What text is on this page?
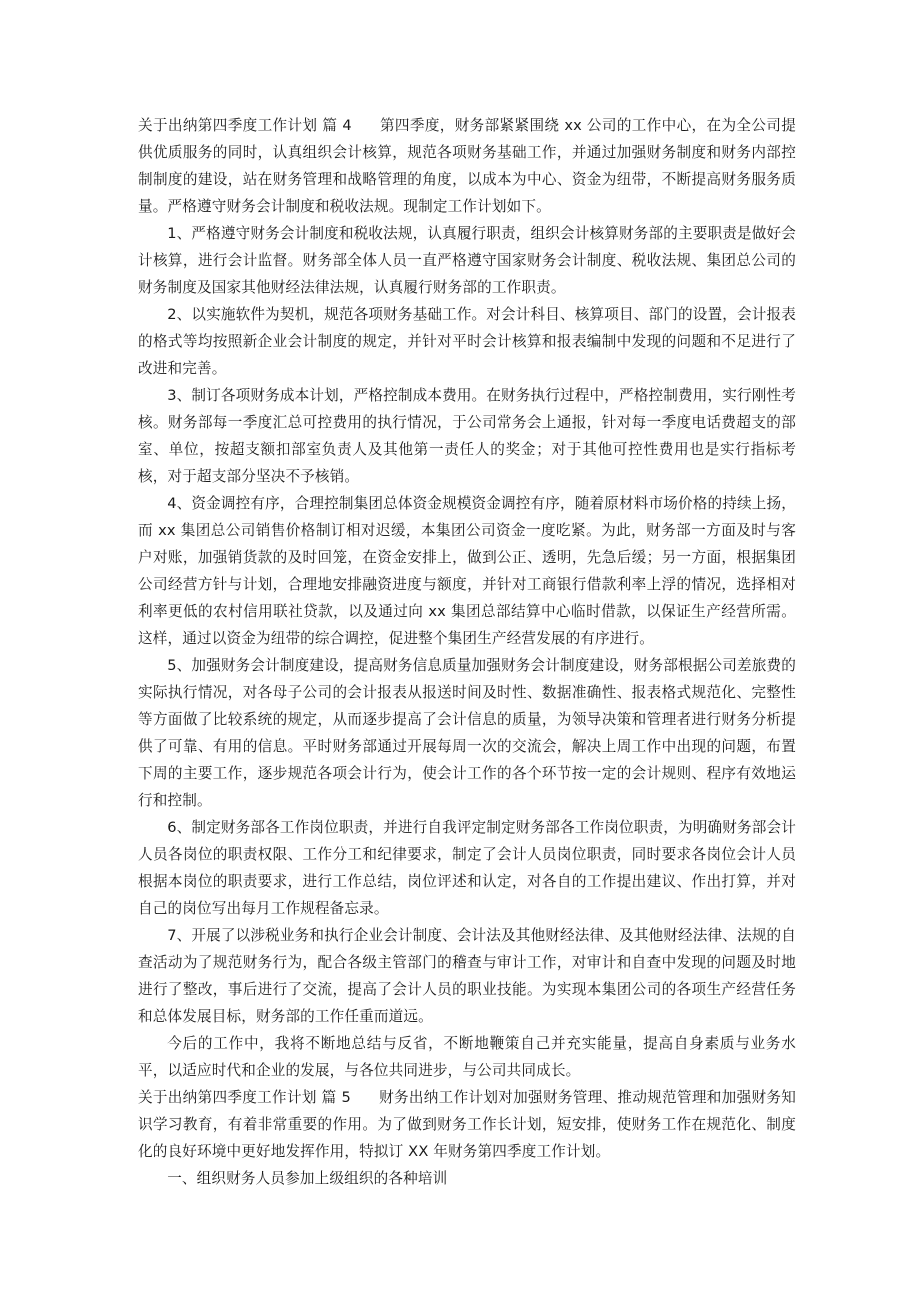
关于出纳第四季度工作计划 篇 4 第四季度，财务部紧紧围绕 xx 公司的工作中心，在为全公司提供优质服务的同时，认真组织会计核算，规范各项财务基础工作，并通过加强财务制度和财务内部控制制度的建设，站在财务管理和战略管理的角度，以成本为中心、资金为纽带，不断提高财务服务质量。严格遵守财务会计制度和税收法规。现制定工作计划如下。

1、严格遵守财务会计制度和税收法规，认真履行职责，组织会计核算财务部的主要职责是做好会计核算，进行会计监督。财务部全体人员一直严格遵守国家财务会计制度、税收法规、集团总公司的财务制度及国家其他财经法律法规，认真履行财务部的工作职责。

2、以实施软件为契机，规范各项财务基础工作。对会计科目、核算项目、部门的设置，会计报表的格式等均按照新企业会计制度的规定，并针对平时会计核算和报表编制中发现的问题和不足进行了改进和完善。

3、制订各项财务成本计划，严格控制成本费用。在财务执行过程中，严格控制费用，实行刚性考核。财务部每一季度汇总可控费用的执行情况，于公司常务会上通报，针对每一季度电话费超支的部室、单位，按超支额扣部室负责人及其他第一责任人的奖金；对于其他可控性费用也是实行指标考核，对于超支部分坚决不予核销。

4、资金调控有序，合理控制集团总体资金规模资金调控有序，随着原材料市场价格的持续上扬，而 xx 集团总公司销售价格制订相对迟缓，本集团公司资金一度吃紧。为此，财务部一方面及时与客户对账，加强销货款的及时回笼，在资金安排上，做到公正、透明，先急后缓；另一方面，根据集团公司经营方针与计划，合理地安排融资进度与额度，并针对工商银行借款利率上浮的情况，选择相对利率更低的农村信用联社贷款，以及通过向 xx 集团总部结算中心临时借款，以保证生产经营所需。这样，通过以资金为纽带的综合调控，促进整个集团生产经营发展的有序进行。

5、加强财务会计制度建设，提高财务信息质量加强财务会计制度建设，财务部根据公司差旅费的实际执行情况，对各母子公司的会计报表从报送时间及时性、数据准确性、报表格式规范化、完整性等方面做了比较系统的规定，从而逐步提高了会计信息的质量，为领导决策和管理者进行财务分析提供了可靠、有用的信息。平时财务部通过开展每周一次的交流会，解决上周工作中出现的问题，布置下周的主要工作，逐步规范各项会计行为，使会计工作的各个环节按一定的会计规则、程序有效地运行和控制。

6、制定财务部各工作岗位职责，并进行自我评定制定财务部各工作岗位职责，为明确财务部会计人员各岗位的职责权限、工作分工和纪律要求，制定了会计人员岗位职责，同时要求各岗位会计人员根据本岗位的职责要求，进行工作总结，岗位评述和认定，对各自的工作提出建议、作出打算，并对自己的岗位写出每月工作规程备忘录。

7、开展了以涉税业务和执行企业会计制度、会计法及其他财经法律、及其他财经法律、法规的自查活动为了规范财务行为，配合各级主管部门的稽查与审计工作，对审计和自查中发现的问题及时地进行了整改，事后进行了交流，提高了会计人员的职业技能。为实现本集团公司的各项生产经营任务和总体发展目标，财务部的工作任重而道远。

今后的工作中，我将不断地总结与反省，不断地鞭策自己并充实能量，提高自身素质与业务水平，以适应时代和企业的发展，与各位共同进步，与公司共同成长。

关于出纳第四季度工作计划 篇 5 财务出纳工作计划对加强财务管理、推动规范管理和加强财务知识学习教育，有着非常重要的作用。为了做到财务工作长计划，短安排，使财务工作在规范化、制度化的良好环境中更好地发挥作用，特拟订 XX 年财务第四季度工作计划。

一、组织财务人员参加上级组织的各种培训
